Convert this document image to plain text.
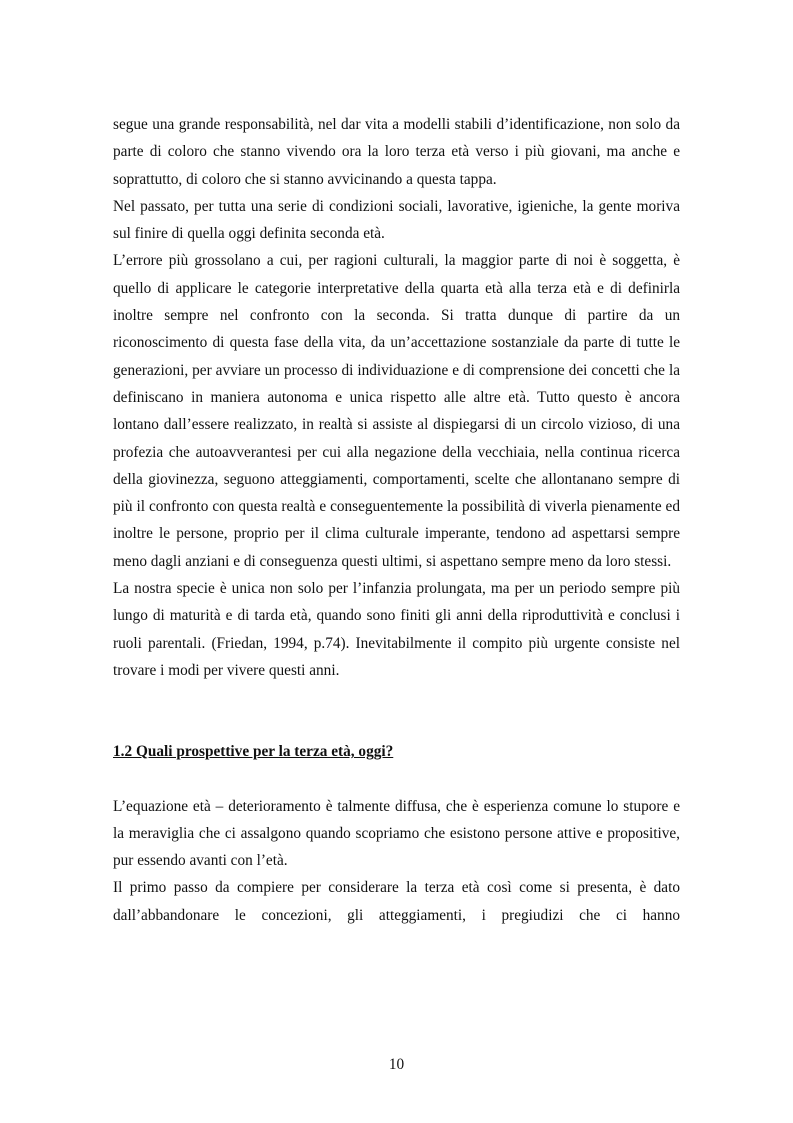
segue una grande responsabilità, nel dar vita a modelli stabili d’identificazione, non solo da parte di coloro che stanno vivendo ora la loro terza età verso i più giovani, ma anche e soprattutto, di coloro che si stanno avvicinando a questa tappa.

Nel passato, per tutta una serie di condizioni sociali, lavorative, igieniche, la gente moriva sul finire di quella oggi definita seconda età.

L’errore più grossolano a cui, per ragioni culturali, la maggior parte di noi è soggetta, è quello di applicare le categorie interpretative della quarta età alla terza età e di definirla inoltre sempre nel confronto con la seconda. Si tratta dunque di partire da un riconoscimento di questa fase della vita, da un’accettazione sostanziale da parte di tutte le generazioni, per avviare un processo di individuazione e di comprensione dei concetti che la definiscano in maniera autonoma e unica rispetto alle altre età. Tutto questo è ancora lontano dall’essere realizzato, in realtà si assiste al dispiegarsi di un circolo vizioso, di una profezia che autoavverantesi per cui alla negazione della vecchiaia, nella continua ricerca della giovinezza, seguono atteggiamenti, comportamenti, scelte che allontanano sempre di più il confronto con questa realtà e conseguentemente la possibilità di viverla pienamente ed inoltre le persone, proprio per il clima culturale imperante, tendono ad aspettarsi sempre meno dagli anziani e di conseguenza questi ultimi, si aspettano sempre meno da loro stessi.

La nostra specie è unica non solo per l’infanzia prolungata, ma per un periodo sempre più lungo di maturità e di tarda età, quando sono finiti gli anni della riproduttività e conclusi i ruoli parentali. (Friedan, 1994, p.74). Inevitabilmente il compito più urgente consiste nel trovare i modi per vivere questi anni.

1.2 Quali prospettive per la terza età, oggi?

L’equazione età – deterioramento è talmente diffusa, che è esperienza comune lo stupore e la meraviglia che ci assalgono quando scopriamo che esistono persone attive e propositive, pur essendo avanti con l’età.

Il primo passo da compiere per considerare la terza età così come si presenta, è dato dall’abbandonare le concezioni, gli atteggiamenti, i pregiudizi che ci hanno

10
